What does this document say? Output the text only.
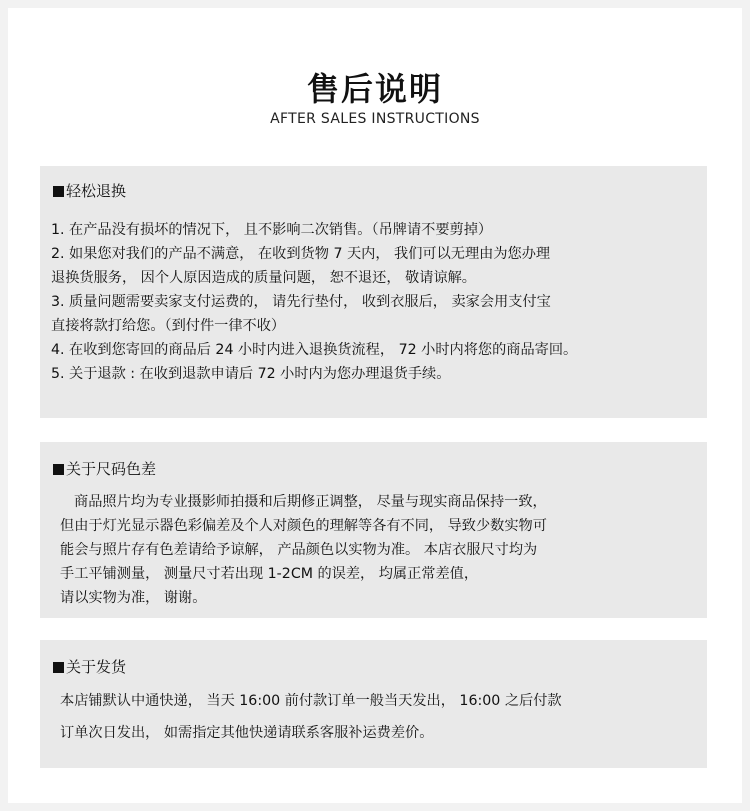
售后说明
AFTER SALES INSTRUCTIONS
轻松退换
1. 在产品没有损坏的情况下， 且不影响二次销售。（吊牌请不要剪掉）
2. 如果您对我们的产品不满意， 在收到货物 7 天内， 我们可以无理由为您办理
退换货服务， 因个人原因造成的质量问题， 恕不退还， 敬请谅解。
3. 质量问题需要卖家支付运费的， 请先行垫付， 收到衣服后， 卖家会用支付宝
直接将款打给您。（到付件一律不收）
4. 在收到您寄回的商品后 24 小时内进入退换货流程， 72 小时内将您的商品寄回。
5. 关于退款 : 在收到退款申请后 72 小时内为您办理退货手续。
关于尺码色差
商品照片均为专业摄影师拍摄和后期修正调整， 尽量与现实商品保持一致，
但由于灯光显示器色彩偏差及个人对颜色的理解等各有不同， 导致少数实物可
能会与照片存有色差请给予谅解， 产品颜色以实物为准。 本店衣服尺寸均为
手工平铺测量， 测量尺寸若出现 1-2CM 的误差， 均属正常差值，
请以实物为准， 谢谢。
关于发货
本店铺默认中通快递， 当天 16:00 前付款订单一般当天发出， 16:00 之后付款
订单次日发出， 如需指定其他快递请联系客服补运费差价。
